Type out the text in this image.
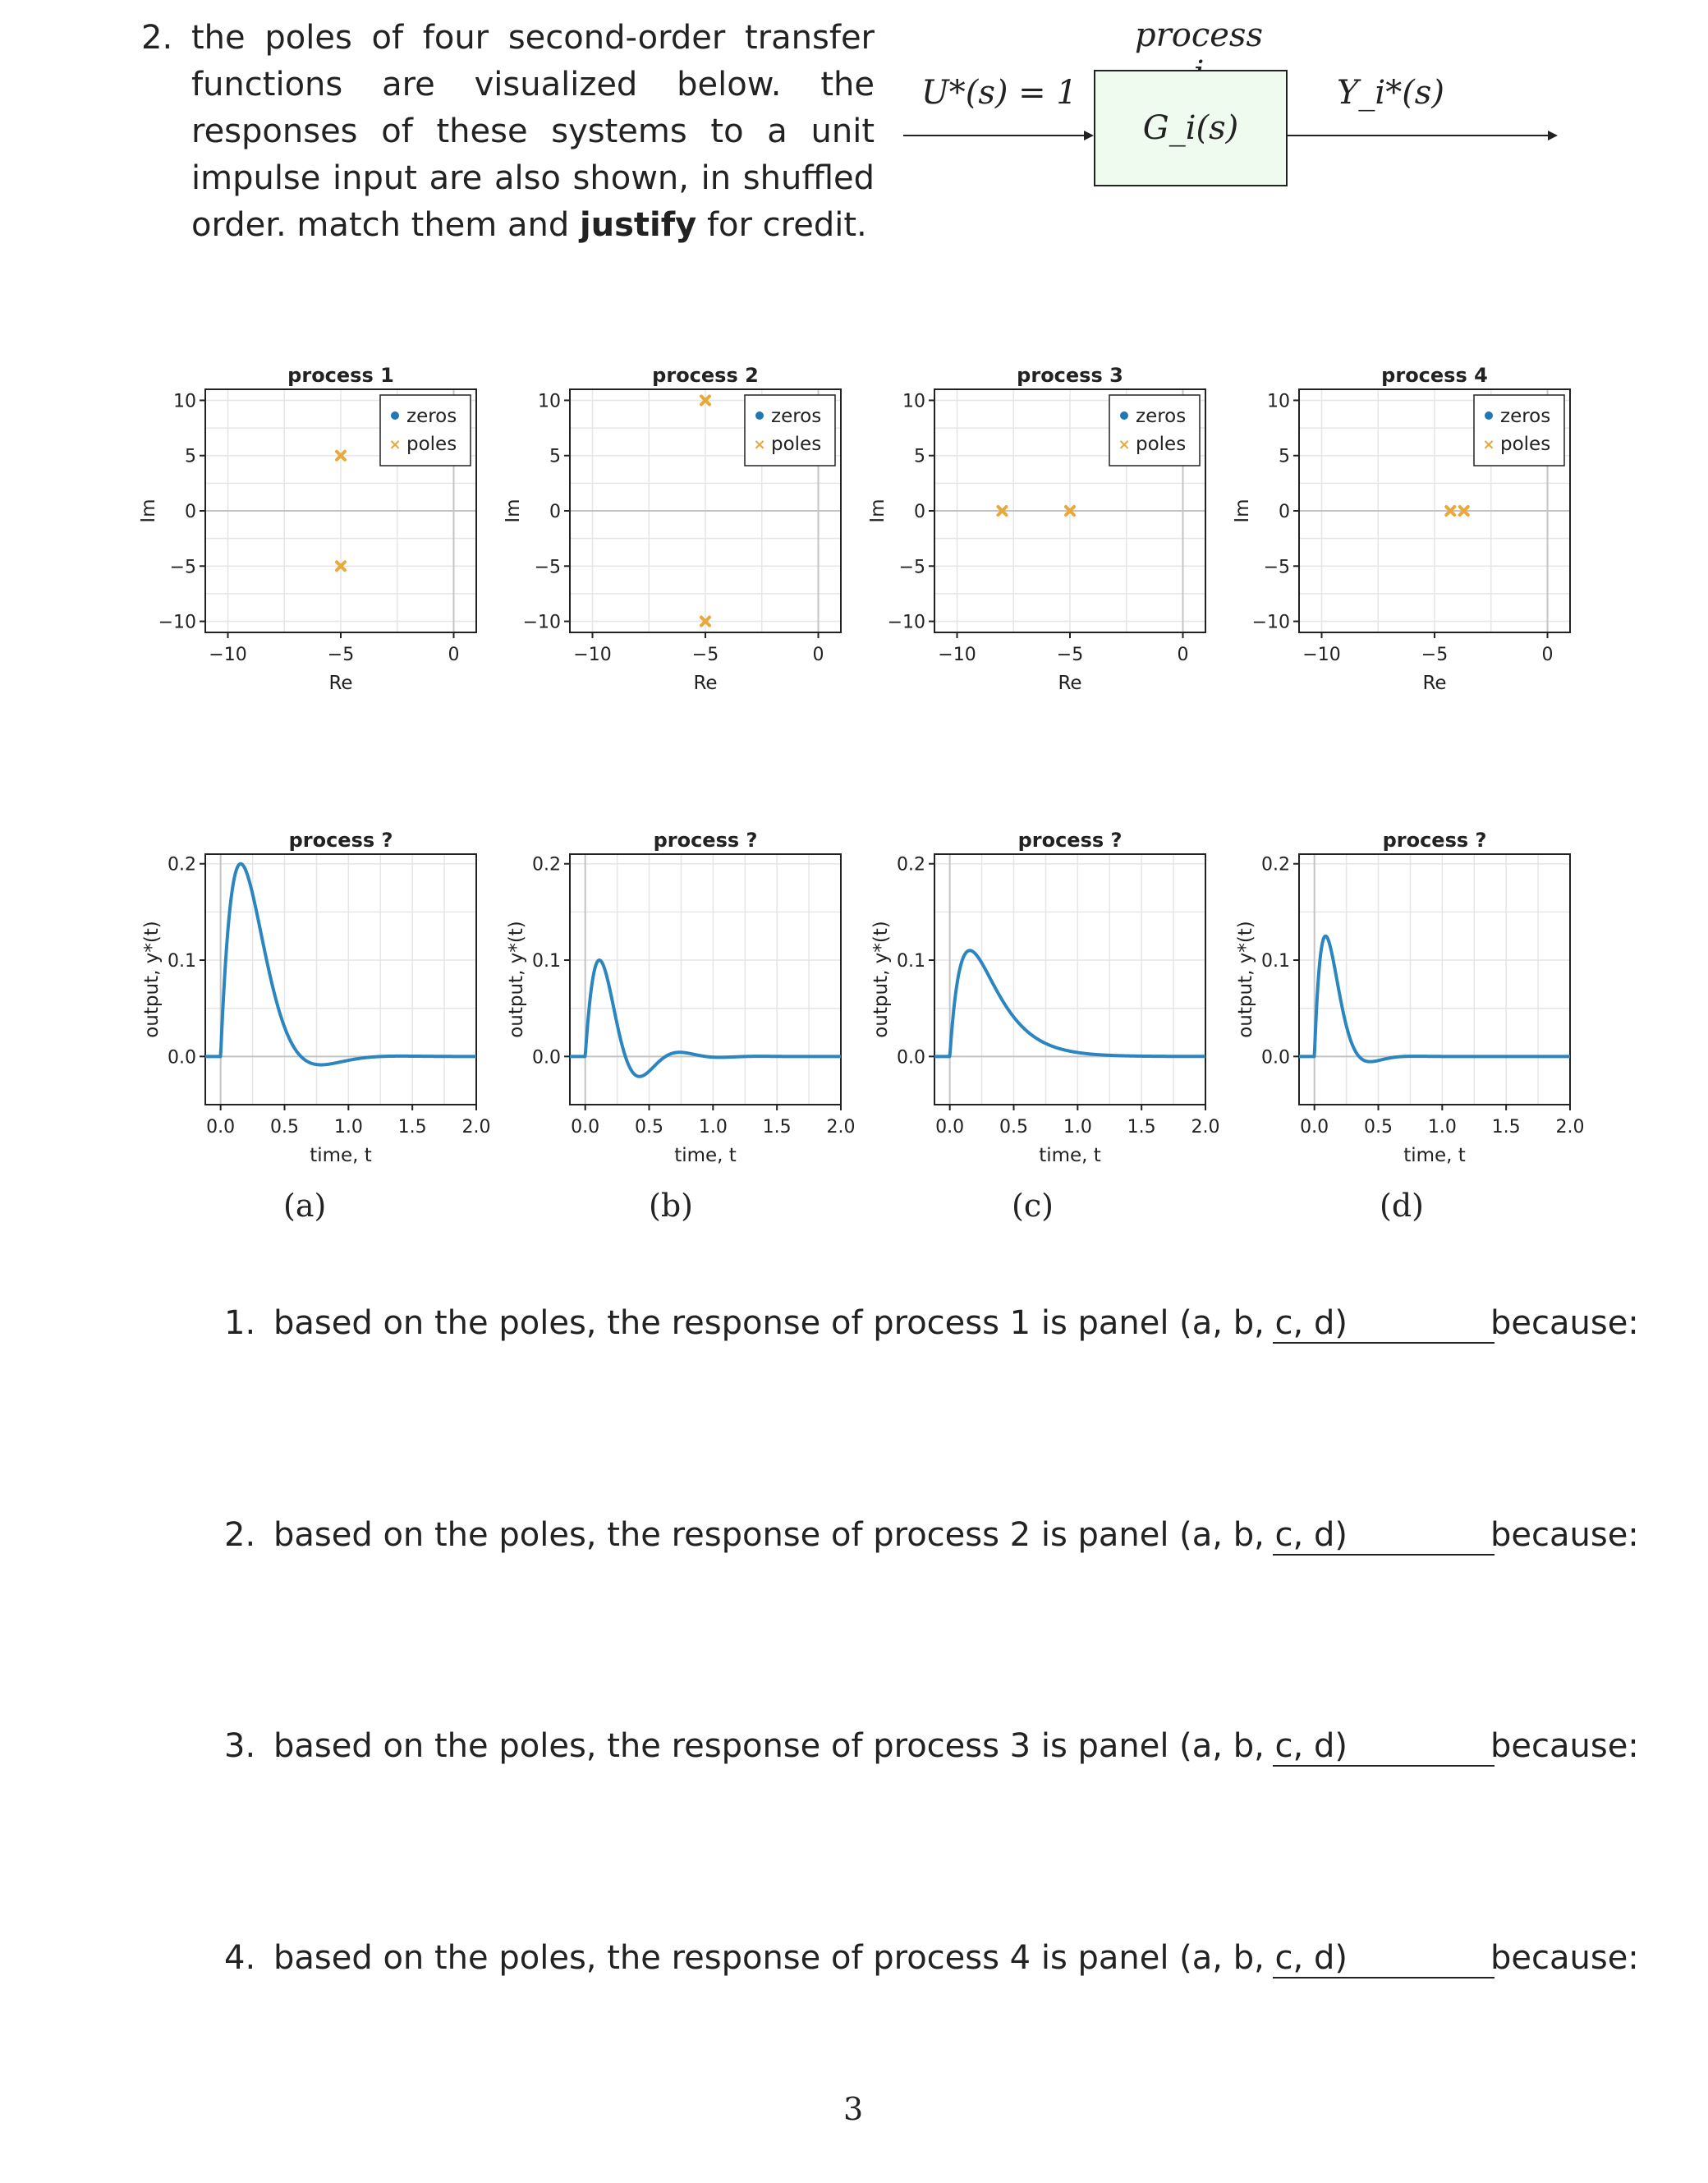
2. the poles of four second-order transfer functions are visualized below. the responses of these systems to a unit impulse input are also shown, in shuffled order. match them and justify for credit.
process
U*(s) = 1
G_i(s)
Y_i*(s)
−10	−5	0
10
5
0
−5
−10
process 1
Re
Im
zeros
× poles
−10	−5	0
10
5
0
−5
−10
process 2
Re
Im
zeros
× poles
−10	−5	0
10
5
0
−5
−10
process 3
Re
Im
zeros
× poles
−10	−5	0
10
5
0
−5
−10
process 4
Re
Im
zeros
× poles
0.0 0.5 1.0 1.5 2.0
0.2
0.1
0.0
process ?
time, t
output, y*(t)
0.0 0.5 1.0 1.5 2.0
0.2
0.1
0.0
process ?
time, t
output, y*(t)
0.0 0.5 1.0 1.5 2.0
0.2
0.1
0.0
process ?
time, t
output, y*(t)
0.0 0.5 1.0 1.5 2.0
0.2
0.1
0.0
process ?
time, t
output, y*(t)
(a)	(b)	(c)	(d)
1. based on the poles, the response of process 1 is panel (a, b, c, d)	because:
2. based on the poles, the response of process 2 is panel (a, b, c, d)	because:
3. based on the poles, the response of process 3 is panel (a, b, c, d)	because:
4. based on the poles, the response of process 4 is panel (a, b, c, d)	because:
3
